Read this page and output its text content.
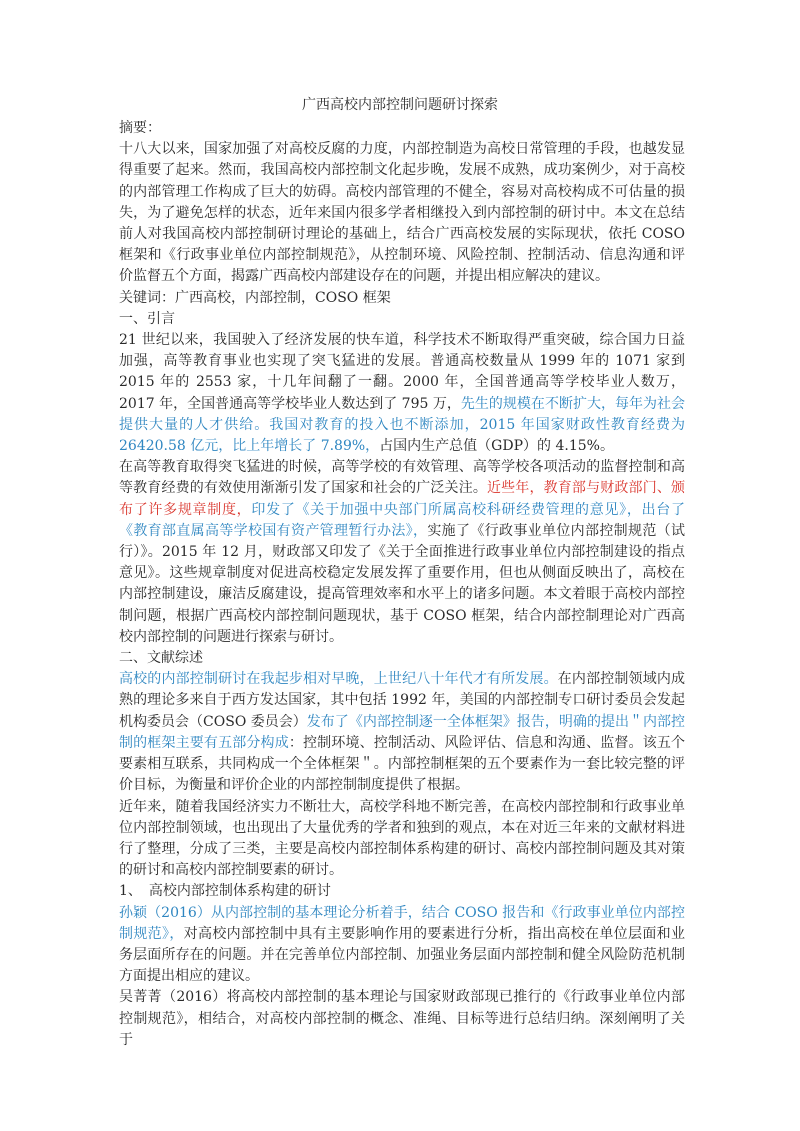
广西高校内部控制问题研讨探索

摘要：

十八大以来，国家加强了对高校反腐的力度，内部控制造为高校日常管理的手段，也越发显得重要了起来。然而，我国高校内部控制文化起步晚，发展不成熟，成功案例少，对于高校的内部管理工作构成了巨大的妨碍。高校内部管理的不健全，容易对高校构成不可估量的损失，为了避免怎样的状态，近年来国内很多学者相继投入到内部控制的研讨中。本文在总结前人对我国高校内部控制研讨理论的基础上，结合广西高校发展的实际现状，依托 COSO 框架和《行政事业单位内部控制规范》，从控制环境、风险控制、控制活动、信息沟通和评价监督五个方面，揭露广西高校内部建设存在的问题，并提出相应解决的建议。

关键词：广西高校，内部控制，COSO 框架

一、引言

21 世纪以来，我国驶入了经济发展的快车道，科学技术不断取得严重突破，综合国力日益加强，高等教育事业也实现了突飞猛进的发展。普通高校数量从 1999 年的 1071 家到 2015 年的 2553 家，十几年间翻了一翻。2000 年，全国普通高等学校毕业人数万，2017 年，全国普通高等学校毕业人数达到了 795 万，先生的规模在不断扩大，每年为社会提供大量的人才供给。我国对教育的投入也不断添加，2015 年国家财政性教育经费为 26420.58 亿元，比上年增长了 7.89%，占国内生产总值（GDP）的 4.15%。

在高等教育取得突飞猛进的时候，高等学校的有效管理、高等学校各项活动的监督控制和高等教育经费的有效使用渐渐引发了国家和社会的广泛关注。近些年，教育部与财政部门、颁布了许多规章制度，印发了《关于加强中央部门所属高校科研经费管理的意见》，出台了《教育部直属高等学校国有资产管理暂行办法》，实施了《行政事业单位内部控制规范（试行）》。2015 年 12 月，财政部又印发了《关于全面推进行政事业单位内部控制建设的指点意见》。这些规章制度对促进高校稳定发展发挥了重要作用，但也从侧面反映出了，高校在内部控制建设，廉洁反腐建设，提高管理效率和水平上的诸多问题。本文着眼于高校内部控制问题，根据广西高校内部控制问题现状，基于 COSO 框架，结合内部控制理论对广西高校内部控制的问题进行探索与研讨。

二、文献综述

高校的内部控制研讨在我起步相对早晚，上世纪八十年代才有所发展。在内部控制领域内成熟的理论多来自于西方发达国家，其中包括 1992 年，美国的内部控制专口研讨委员会发起机构委员会（COSO 委员会）发布了《内部控制逐一全体框架》报告，明确的提出＂内部控制的框架主要有五部分构成：控制环境、控制活动、风险评估、信息和沟通、监督。该五个要素相互联系，共同构成一个全体框架＂。内部控制框架的五个要素作为一套比较完整的评价目标，为衡量和评价企业的内部控制制度提供了根据。

近年来，随着我国经济实力不断壮大，高校学科地不断完善，在高校内部控制和行政事业单位内部控制领域，也出现出了大量优秀的学者和独到的观点，本在对近三年来的文献材料进行了整理，分成了三类，主要是高校内部控制体系构建的研讨、高校内部控制问题及其对策的研讨和高校内部控制要素的研讨。

1、　高校内部控制体系构建的研讨

孙颖（2016）从内部控制的基本理论分析着手，结合 COSO 报告和《行政事业单位内部控制规范》，对高校内部控制中具有主要影响作用的要素进行分析，指出高校在单位层面和业务层面所存在的问题。并在完善单位内部控制、加强业务层面内部控制和健全风险防范机制方面提出相应的建议。

吴菁菁（2016）将高校内部控制的基本理论与国家财政部现已推行的《行政事业单位内部控制规范》，相结合，对高校内部控制的概念、准绳、目标等进行总结归纳。深刻阐明了关于
